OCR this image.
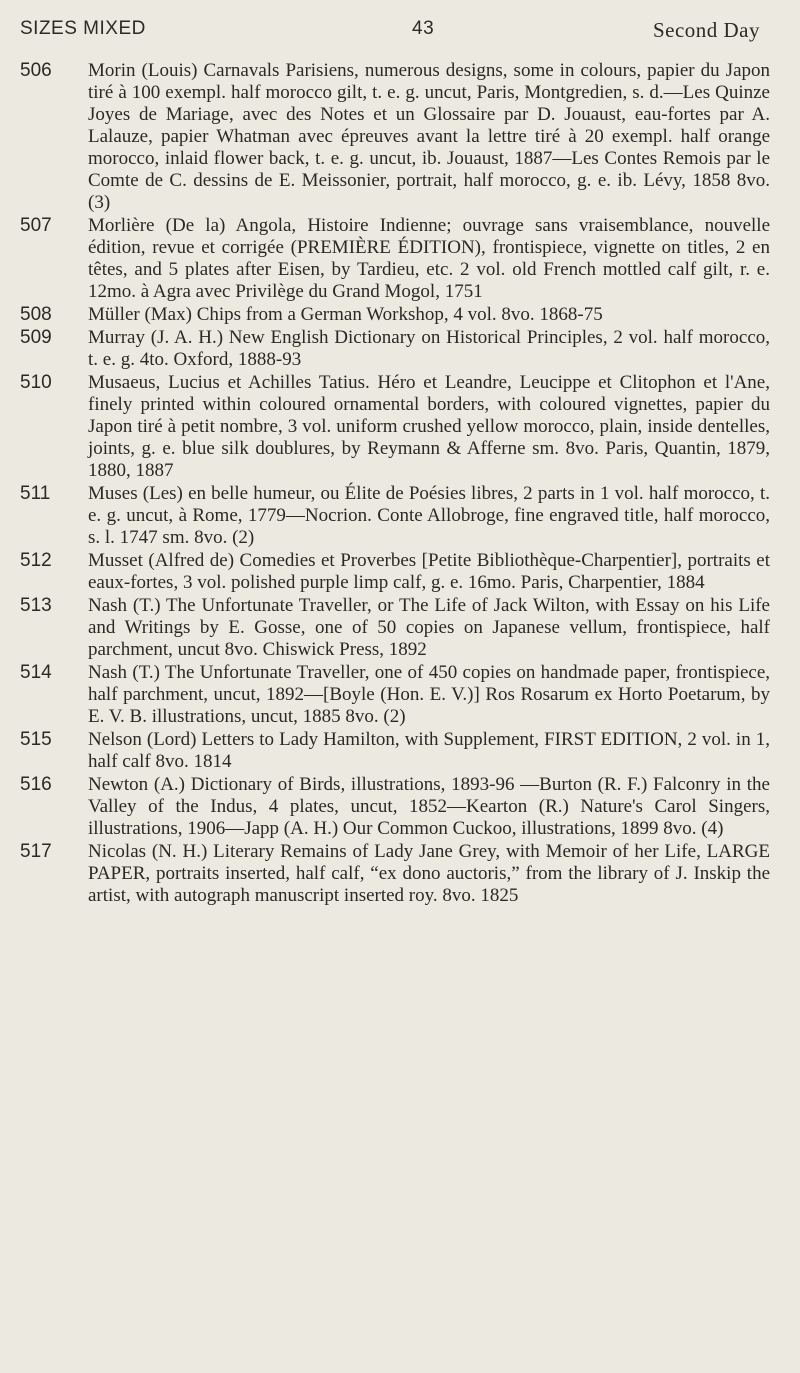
SIZES MIXED	43	Second Day
506 Morin (Louis) Carnavals Parisiens, numerous designs, some in colours, papier du Japon tiré à 100 exempl. half morocco gilt, t. e. g. uncut, Paris, Montgredien, s. d.—Les Quinze Joyes de Mariage, avec des Notes et un Glossaire par D. Jouaust, eau-fortes par A. Lalauze, papier Whatman avec épreuves avant la lettre tiré à 20 exempl. half orange morocco, inlaid flower back, t. e. g. uncut, ib. Jouaust, 1887—Les Contes Remois par le Comte de C. dessins de E. Meissonier, portrait, half morocco, g. e. ib. Lévy, 1858 8vo. (3)
507 Morlière (De la) Angola, Histoire Indienne; ouvrage sans vraisemblance, nouvelle édition, revue et corrigée (PREMIÈRE ÉDITION), frontispiece, vignette on titles, 2 en têtes, and 5 plates after Eisen, by Tardieu, etc. 2 vol. old French mottled calf gilt, r. e. 12mo. à Agra avec Privilège du Grand Mogol, 1751
508 Müller (Max) Chips from a German Workshop, 4 vol. 8vo. 1868-75
509 Murray (J. A. H.) New English Dictionary on Historical Principles, 2 vol. half morocco, t. e. g. 4to. Oxford, 1888-93
510 Musaeus, Lucius et Achilles Tatius. Héro et Leandre, Leucippe et Clitophon et l'Ane, finely printed within coloured ornamental borders, with coloured vignettes, papier du Japon tiré à petit nombre, 3 vol. uniform crushed yellow morocco, plain, inside dentelles, joints, g. e. blue silk doublures, by Reymann & Afferne sm. 8vo. Paris, Quantin, 1879, 1880, 1887
511 Muses (Les) en belle humeur, ou Élite de Poésies libres, 2 parts in 1 vol. half morocco, t. e. g. uncut, à Rome, 1779—Nocrion. Conte Allobroge, fine engraved title, half morocco, s. l. 1747 sm. 8vo. (2)
512 Musset (Alfred de) Comedies et Proverbes [Petite Bibliothèque-Charpentier], portraits et eaux-fortes, 3 vol. polished purple limp calf, g. e. 16mo. Paris, Charpentier, 1884
513 Nash (T.) The Unfortunate Traveller, or The Life of Jack Wilton, with Essay on his Life and Writings by E. Gosse, one of 50 copies on Japanese vellum, frontispiece, half parchment, uncut 8vo. Chiswick Press, 1892
514 Nash (T.) The Unfortunate Traveller, one of 450 copies on handmade paper, frontispiece, half parchment, uncut, 1892—[Boyle (Hon. E. V.)] Ros Rosarum ex Horto Poetarum, by E. V. B. illustrations, uncut, 1885 8vo. (2)
515 Nelson (Lord) Letters to Lady Hamilton, with Supplement, FIRST EDITION, 2 vol. in 1, half calf 8vo. 1814
516 Newton (A.) Dictionary of Birds, illustrations, 1893-96 —Burton (R. F.) Falconry in the Valley of the Indus, 4 plates, uncut, 1852—Kearton (R.) Nature's Carol Singers, illustrations, 1906—Japp (A. H.) Our Common Cuckoo, illustrations, 1899 8vo. (4)
517 Nicolas (N. H.) Literary Remains of Lady Jane Grey, with Memoir of her Life, LARGE PAPER, portraits inserted, half calf, “ex dono auctoris,” from the library of J. Inskip the artist, with autograph manuscript inserted roy. 8vo. 1825
